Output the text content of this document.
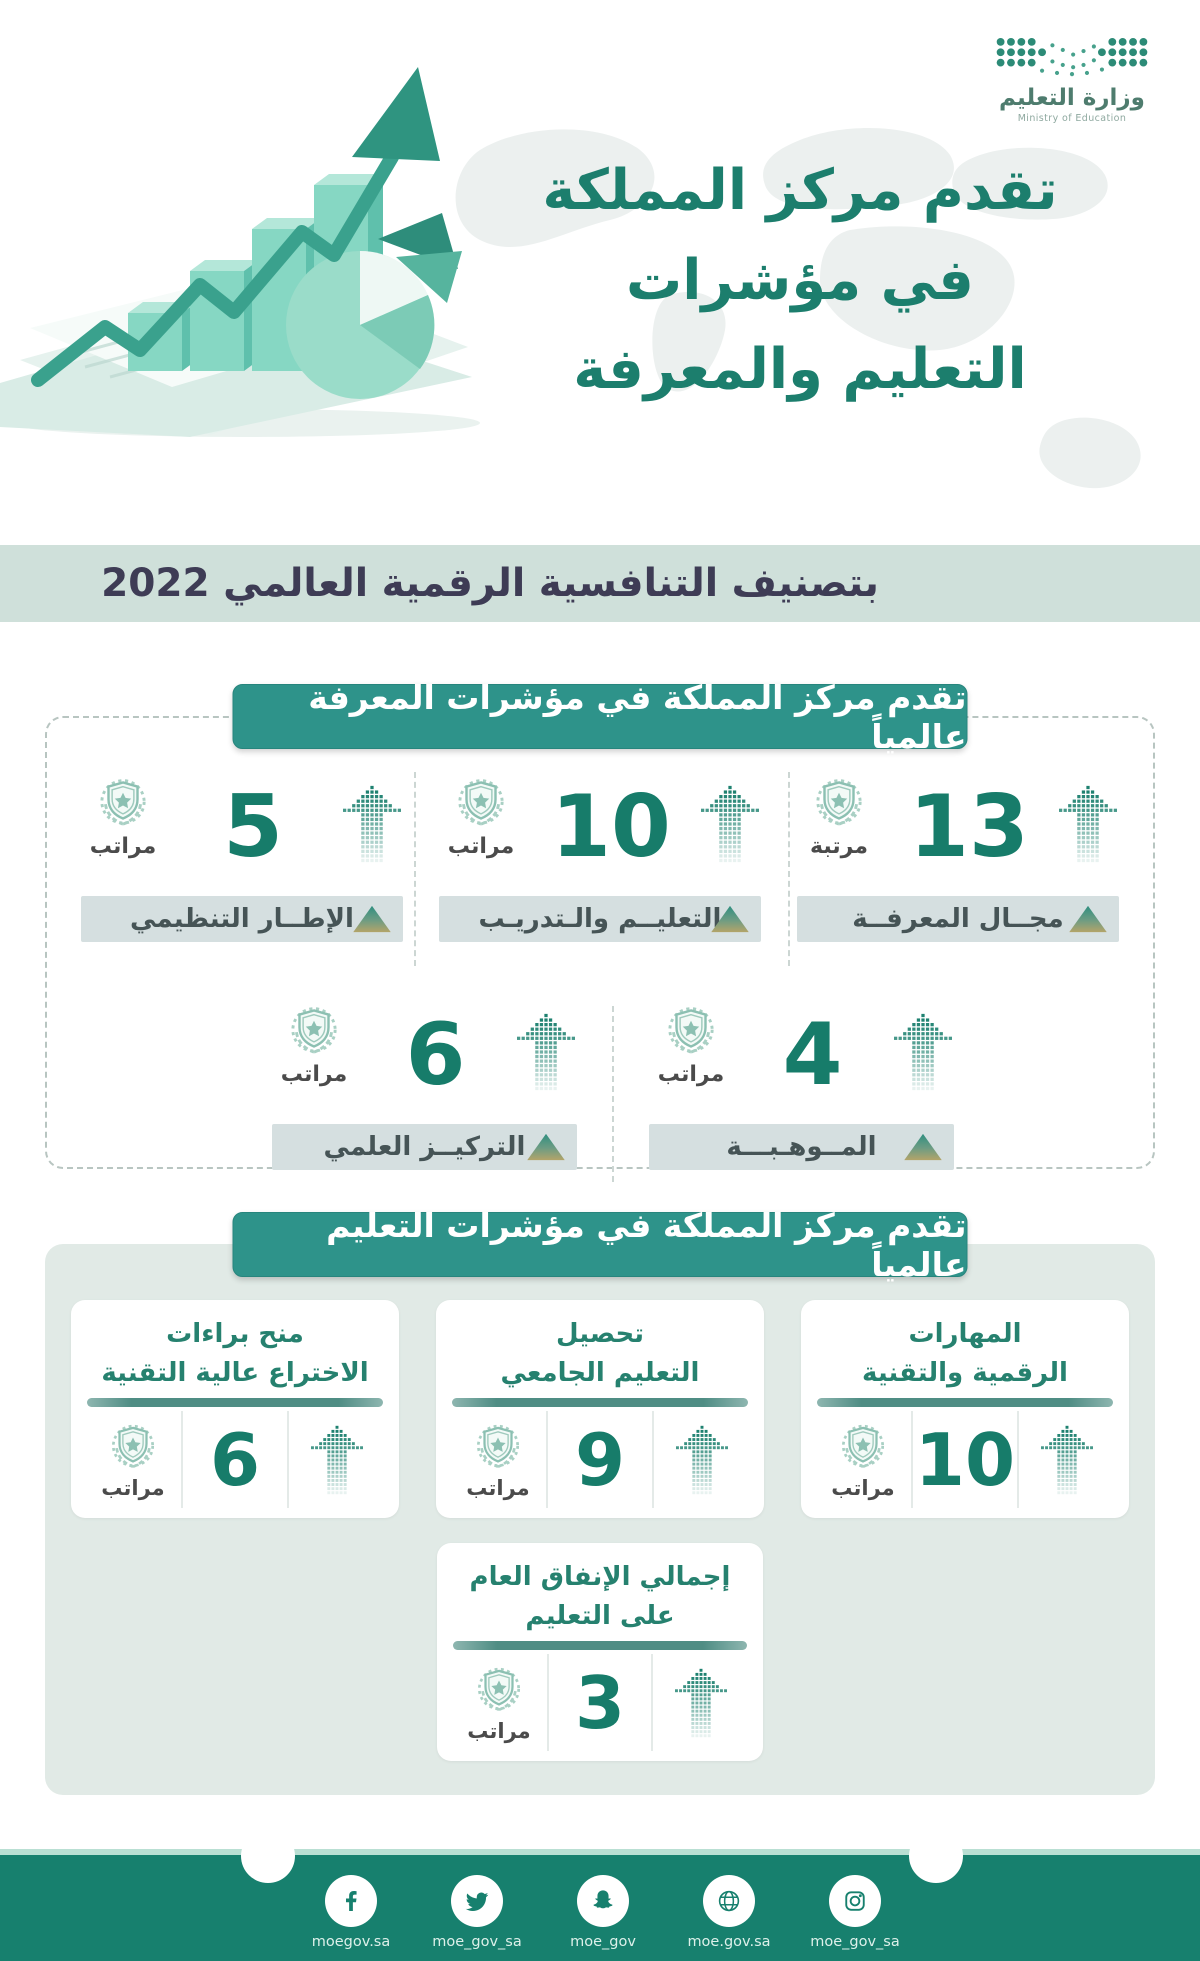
وزارة التعليم
Ministry of Education
تقدم مركز المملكة
في مؤشرات
التعليم والمعرفة
بتصنيف التنافسية الرقمية العالمي 2022
تقدم مركز المملكة في مؤشرات المعرفة عالمياً
مرتبة 13
مجــال المعرفــة
مراتب 10
التعليــم والـتدريـب
مراتب 5
الإطــار التنظيمي
مراتب 4
المــوهـبـــة
مراتب 6
التركيــز العلمي
تقدم مركز المملكة في مؤشرات التعليم عالمياً
المهارات
الرقمية والتقنية
مراتب 10
تحصيل
التعليم الجامعي
مراتب 9
منح براءات
الاختراع عالية التقنية
مراتب 6
إجمالي الإنفاق العام
على التعليم
مراتب 3
moegov.sa	moe_gov_sa	moe_gov	moe.gov.sa	moe_gov_sa
